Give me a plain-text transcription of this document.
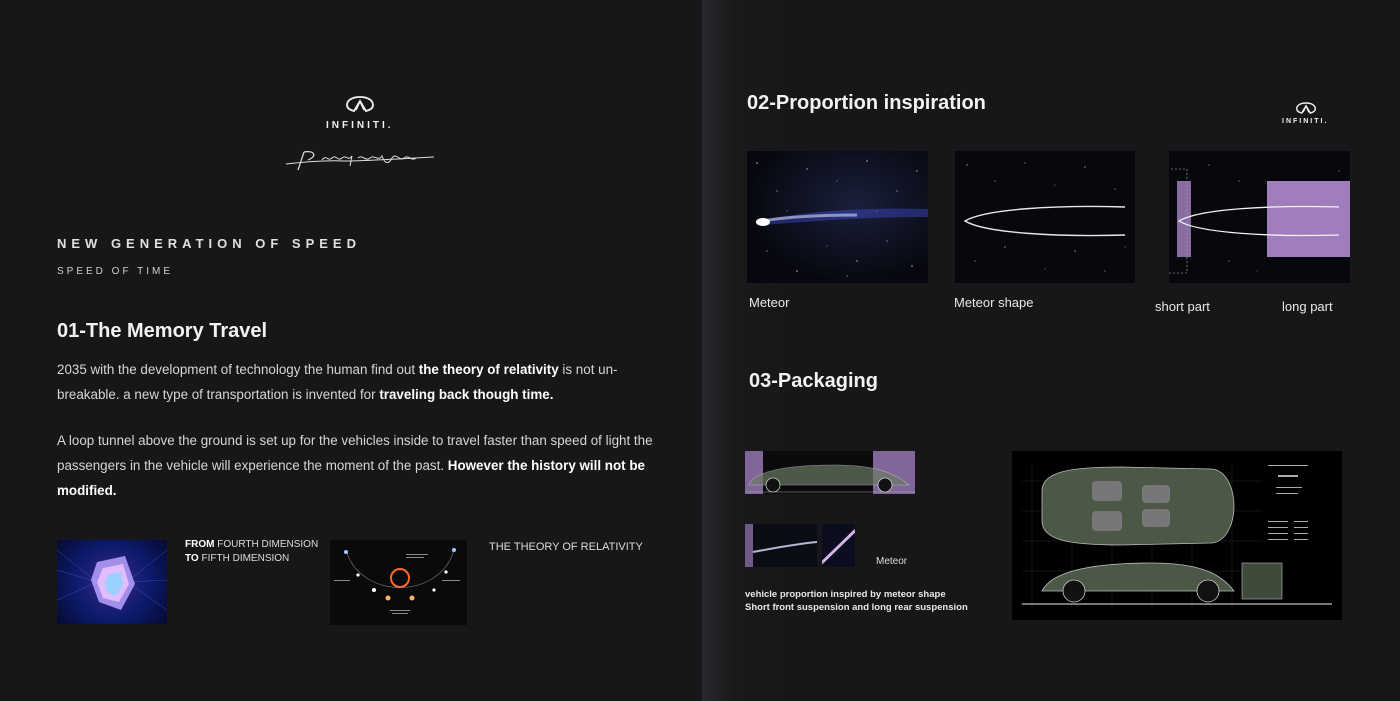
INFINITI.
NEW GENERATION OF SPEED
SPEED OF TIME
01-The Memory Travel
2035 with the development of technology the human find out the theory of relativity is not un-breakable. a new type of transportation is invented for traveling back though time.
A loop tunnel above the ground is set up for the vehicles inside to travel faster than speed of light the passengers in the vehicle will experience the moment of the past. However the history will not be modified.
FROM FOURTH DIMENSION
TO FIFTH DIMENSION
THE THEORY OF RELATIVITY
02-Proportion inspiration
INFINITI.
Meteor	Meteor shape	short part	long part
03-Packaging
Meteor
vehicle proportion inspired by meteor shape
Short front suspension and long rear suspension
